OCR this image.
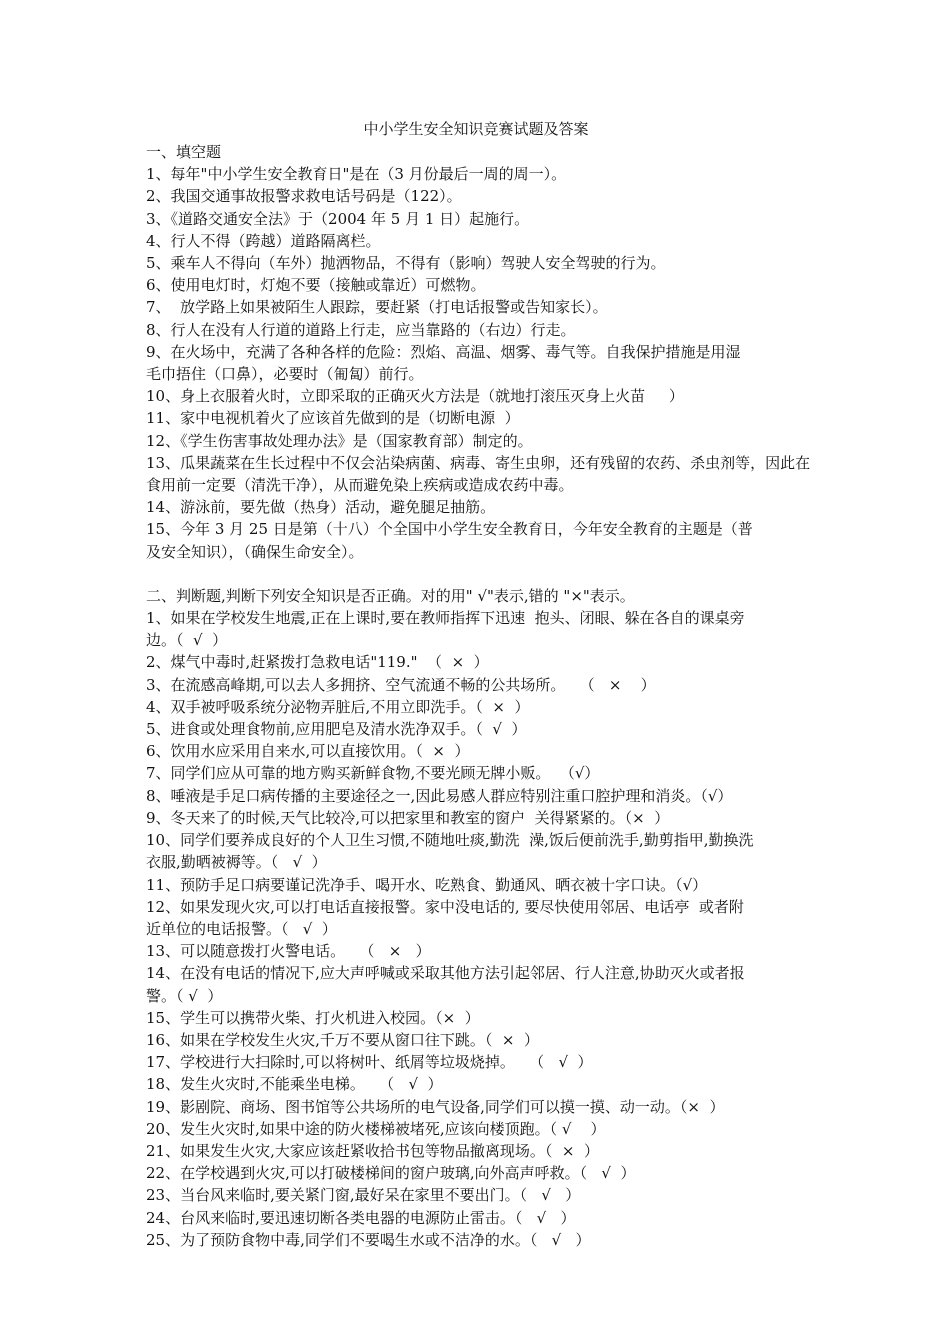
中小学生安全知识竞赛试题及答案

一、填空题

1、每年"中小学生安全教育日"是在（3 月份最后一周的周一）。

2、我国交通事故报警求救电话号码是（122）。

3、《道路交通安全法》于（2004 年 5 月 1 日）起施行。

4、行人不得（跨越）道路隔离栏。

5、乘车人不得向（车外）抛洒物品，不得有（影响）驾驶人安全驾驶的行为。

6、使用电灯时，灯炮不要（接触或靠近）可燃物。

7、  放学路上如果被陌生人跟踪，要赶紧（打电话报警或告知家长）。

8、行人在没有人行道的道路上行走，应当靠路的（右边）行走。

9、在火场中，充满了各种各样的危险：烈焰、高温、烟雾、毒气等。自我保护措施是用湿

毛巾捂住（口鼻），必要时（匍匐）前行。

10、身上衣服着火时，立即采取的正确灭火方法是（就地打滚压灭身上火苗     ）

11、家中电视机着火了应该首先做到的是（切断电源  ）

12、《学生伤害事故处理办法》是（国家教育部）制定的。

13、瓜果蔬菜在生长过程中不仅会沾染病菌、病毒、寄生虫卵，还有残留的农药、杀虫剂等，因此在

食用前一定要（清洗干净），从而避免染上疾病或造成农药中毒。

14、游泳前，要先做（热身）活动，避免腿足抽筋。

15、今年 3 月 25 日是第（十八）个全国中小学生安全教育日，今年安全教育的主题是（普

及安全知识），（确保生命安全）。

二、判断题,判断下列安全知识是否正确。对的用" √"表示,错的 "×"表示。

1、如果在学校发生地震,正在上课时,要在教师指挥下迅速  抱头、闭眼、躲在各自的课桌旁

边。（  √  ）

2、煤气中毒时,赶紧拨打急救电话"119."  （  ×  ）

3、在流感高峰期,可以去人多拥挤、空气流通不畅的公共场所。   （   ×    ）

4、双手被呼吸系统分泌物弄脏后,不用立即洗手。（  ×  ）

5、进食或处理食物前,应用肥皂及清水洗净双手。（  √  ）

6、饮用水应采用自来水,可以直接饮用。（  ×  ）

7、同学们应从可靠的地方购买新鲜食物,不要光顾无牌小贩。  （√）

8、唾液是手足口病传播的主要途径之一,因此易感人群应特别注重口腔护理和消炎。（√）

9、冬天来了的时候,天气比较冷,可以把家里和教室的窗户  关得紧紧的。（×  ）

10、同学们要养成良好的个人卫生习惯,不随地吐痰,勤洗  澡,饭后便前洗手,勤剪指甲,勤换洗

衣服,勤晒被褥等。（   √  ）

11、预防手足口病要谨记洗净手、喝开水、吃熟食、勤通风、晒衣被十字口诀。（√）

12、如果发现火灾,可以打电话直接报警。家中没电话的, 要尽快使用邻居、电话亭  或者附

近单位的电话报警。（   √  ）

13、可以随意拨打火警电话。   （   ×   ）

14、在没有电话的情况下,应大声呼喊或采取其他方法引起邻居、行人注意,协助灭火或者报

警。（ √  ）

15、学生可以携带火柴、打火机进入校园。（×  ）

16、如果在学校发生火灾,千万不要从窗口往下跳。（  ×  ）

17、学校进行大扫除时,可以将树叶、纸屑等垃圾烧掉。   （   √  ）

18、发生火灾时,不能乘坐电梯。   （   √  ）

19、影剧院、商场、图书馆等公共场所的电气设备,同学们可以摸一摸、动一动。（×  ）

20、发生火灾时,如果中途的防火楼梯被堵死,应该向楼顶跑。（ √    ）

21、如果发生火灾,大家应该赶紧收拾书包等物品撤离现场。（  ×  ）

22、在学校遇到火灾,可以打破楼梯间的窗户玻璃,向外高声呼救。（   √  ）

23、当台风来临时,要关紧门窗,最好呆在家里不要出门。（   √   ）

24、台风来临时,要迅速切断各类电器的电源防止雷击。（   √   ）

25、为了预防食物中毒,同学们不要喝生水或不洁净的水。（   √   ）
